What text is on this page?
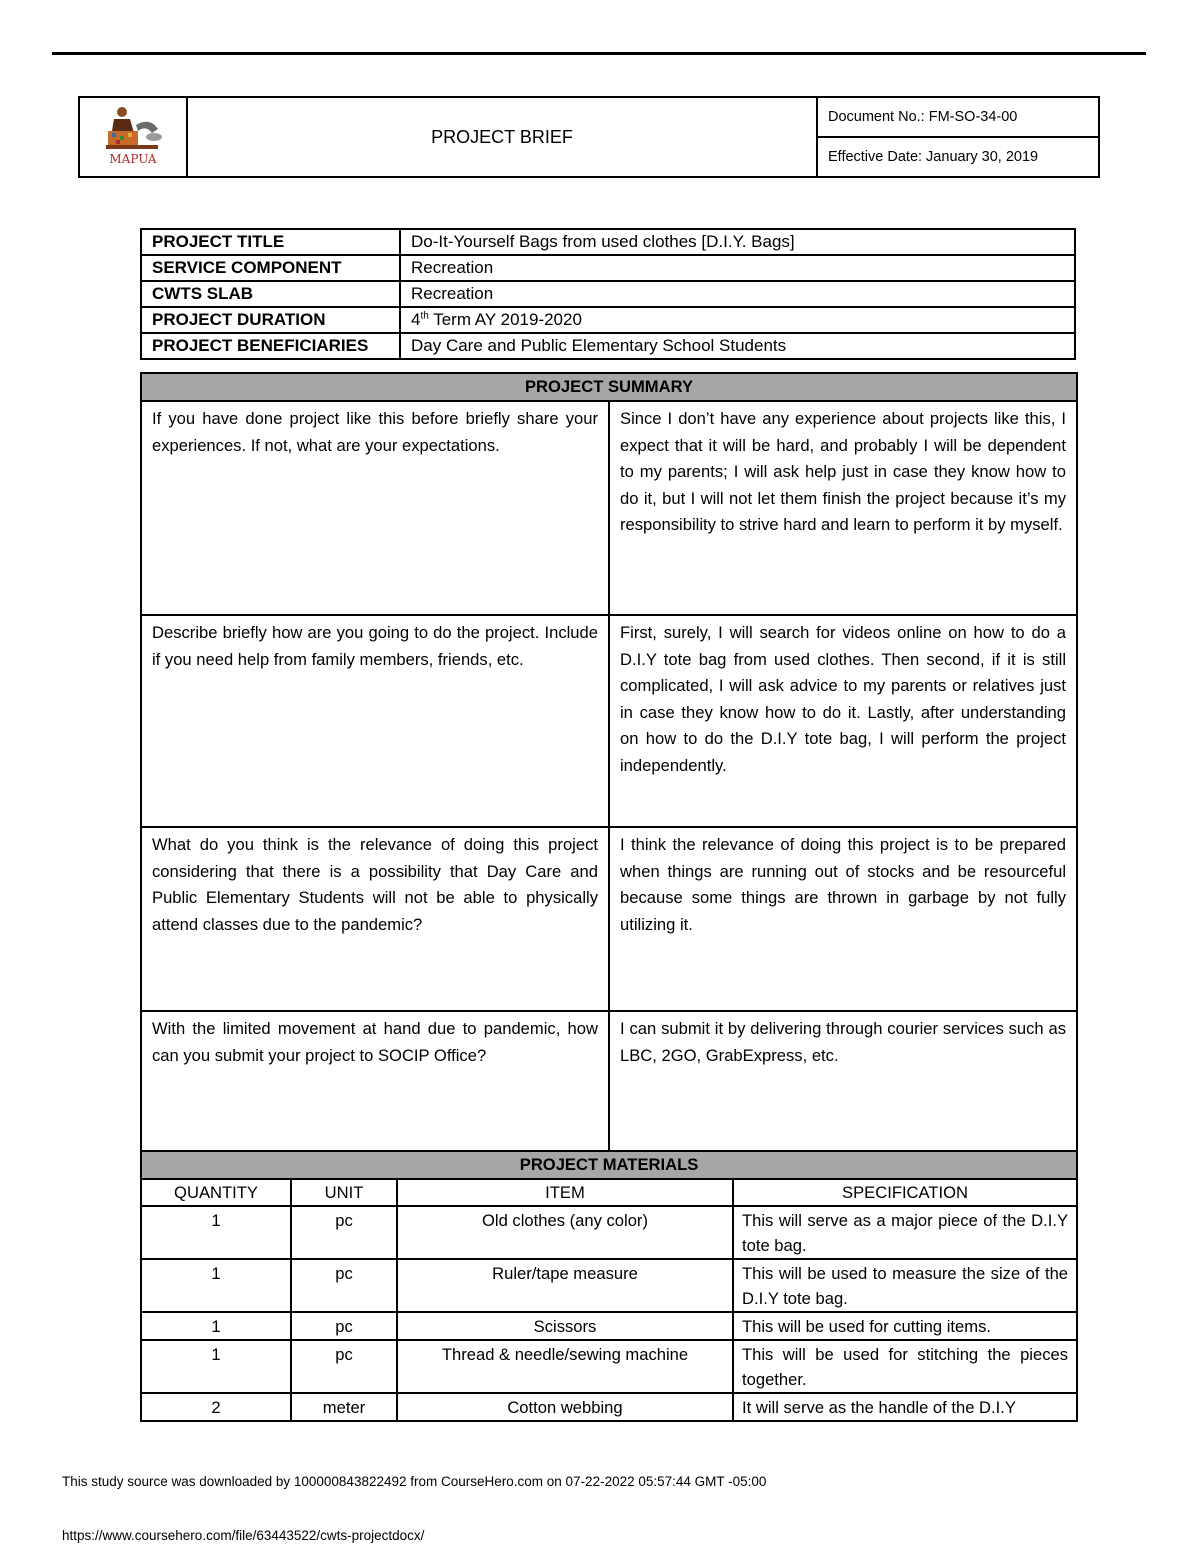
MAPUA
	PROJECT BRIEF	Document No.: FM-SO-34-00
Effective Date: January 30, 2019
PROJECT TITLE	Do-It-Yourself Bags from used clothes [D.I.Y. Bags]
SERVICE COMPONENT	Recreation
CWTS SLAB	Recreation
PROJECT DURATION	4th Term AY 2019-2020
PROJECT BENEFICIARIES	Day Care and Public Elementary School Students
PROJECT SUMMARY	
If you have done project like this before briefly share your experiences. If not, what are your expectations.	Since I don’t have any experience about projects like this, I expect that it will be hard, and probably I will be dependent to my parents; I will ask help just in case they know how to do it, but I will not let them finish the project because it’s my responsibility to strive hard and learn to perform it by myself.
Describe briefly how are you going to do the project. Include if you need help from family members, friends, etc.	First, surely, I will search for videos online on how to do a D.I.Y tote bag from used clothes. Then second, if it is still complicated, I will ask advice to my parents or relatives just in case they know how to do it. Lastly, after understanding on how to do the D.I.Y tote bag, I will perform the project independently.
What do you think is the relevance of doing this project considering that there is a possibility that Day Care and Public Elementary Students will not be able to physically attend classes due to the pandemic?	I think the relevance of doing this project is to be prepared when things are running out of stocks and be resourceful because some things are thrown in garbage by not fully utilizing it.
With the limited movement at hand due to pandemic, how can you submit your project to SOCIP Office?	I can submit it by delivering through courier services such as LBC, 2GO, GrabExpress, etc.
PROJECT MATERIALS			
QUANTITY	UNIT	ITEM	SPECIFICATION
1	pc	Old clothes (any color)	This will serve as a major piece of the D.I.Y tote bag.
1	pc	Ruler/tape measure	This will be used to measure the size of the D.I.Y tote bag.
1	pc	Scissors	This will be used for cutting items.
1	pc	Thread & needle/sewing machine	This will be used for stitching the pieces together.
2	meter	Cotton webbing	It will serve as the handle of the D.I.Y
This study source was downloaded by 100000843822492 from CourseHero.com on 07-22-2022 05:57:44 GMT -05:00
https://www.coursehero.com/file/63443522/cwts-projectdocx/
